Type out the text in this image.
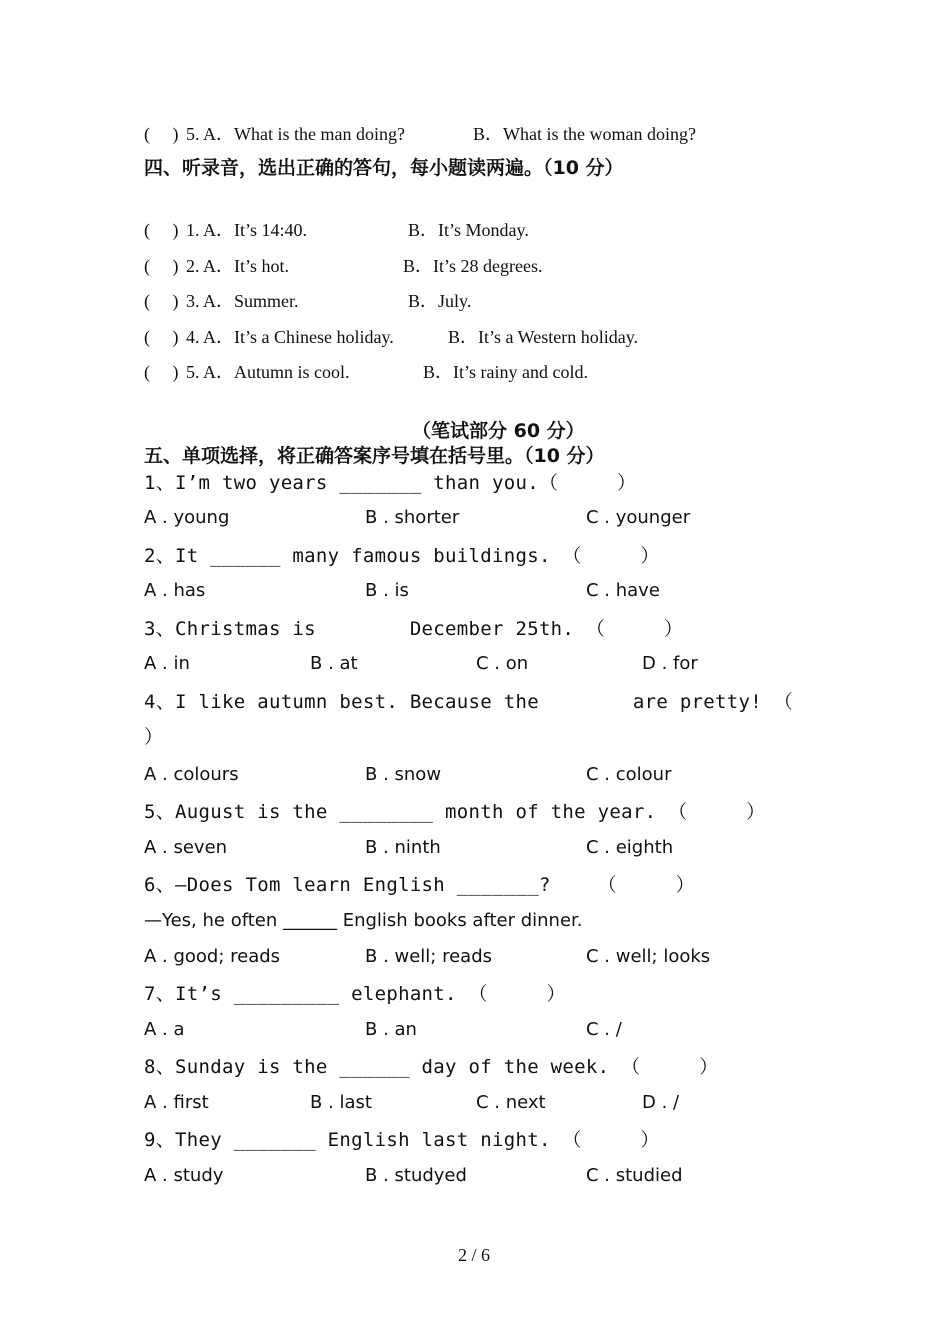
(     ) 5. A．What is the man doing?	B．What is the woman doing?
四、听录音，选出正确的答句，每小题读两遍。（10 分）
(     ) 1. A．It’s 14:40.	B．It’s Monday.
(     ) 2. A．It’s hot.	B．It’s 28 degrees.
(     ) 3. A．Summer.	B．July.
(     ) 4. A．It’s a Chinese holiday.	B．It’s a Western holiday.
(     ) 5. A．Autumn is cool.	B．It’s rainy and cold.
（笔试部分 60 分）
五、单项选择，将正确答案序号填在括号里。（10 分）
1、I’m two years _______ than you.（     ）
A . young	B . shorter	C . younger
2、It ______ many famous buildings. （     ）
A . has	B . is	C . have
3、Christmas is        December 25th. （     ）
A . in	B . at	C . on	D . for
4、I like autumn best. Because the        are pretty! （
）
A . colours	B . snow	C . colour
5、August is the ________ month of the year. （     ）
A . seven	B . ninth	C . eighth
6、—Does Tom learn English _______?    （     ）
—Yes, he often ______ English books after dinner.
A . good; reads	B . well; reads	C . well; looks
7、It’s _________ elephant. （     ）
A . a	B . an	C . /
8、Sunday is the ______ day of the week. （     ）
A . first	B . last	C . next	D . /
9、They _______ English last night. （     ）
A . study	B . studyed	C . studied
2 / 6
